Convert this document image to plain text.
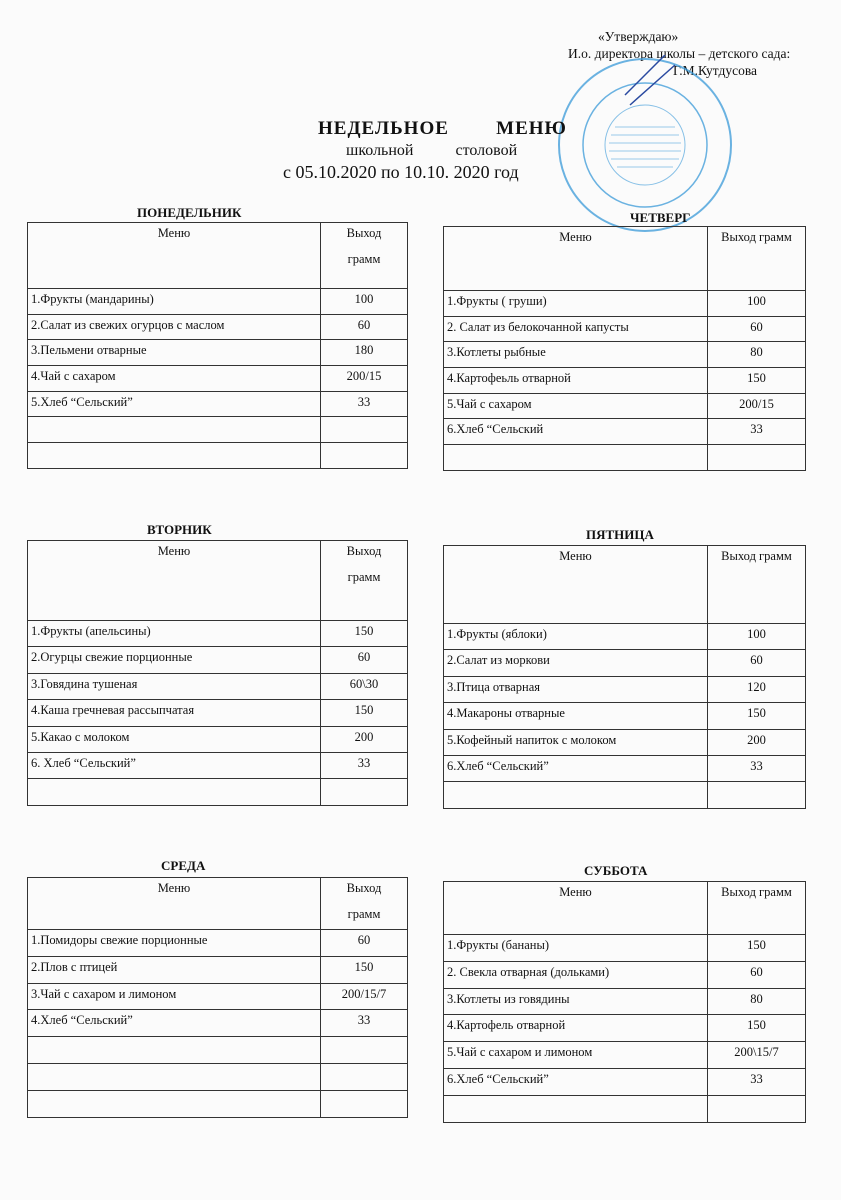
«Утверждаю»
И.о. директора школы – детского сада:
Г.М.Кутдусова
НЕДЕЛЬНОЕ   МЕНЮ
школьной   столовой
с 05.10.2020 по 10.10. 2020 год
ПОНЕДЕЛЬНИК
Меню	Выход
грамм

1.Фрукты (мандарины)	100
2.Салат из свежих огурцов с маслом	60
3.Пельмени отварные	180
4.Чай с сахаром	200/15
5.Хлеб “Сельский”	33

ЧЕТВЕРГ
Меню	Выход грамм
1.Фрукты ( груши)	100
2. Салат из белокочанной капусты	60
3.Котлеты рыбные	80
4.Картофеьль отварной	150
5.Чай с сахаром	200/15
6.Хлеб “Сельский	33

ВТОРНИК
Меню	Выход
грамм

1.Фрукты (апельсины)	150
2.Огурцы свежие порционные	60
3.Говядина тушеная	60\30
4.Каша гречневая рассыпчатая	150
5.Какао с молоком	200
6. Хлеб “Сельский”	33

ПЯТНИЦА
Меню	Выход грамм
1.Фрукты (яблоки)	100
2.Салат из моркови	60
3.Птица отварная	120
4.Макароны отварные	150
5.Кофейный напиток с молоком	200
6.Хлеб “Сельский”	33

СРЕДА
Меню	Выход
грамм

1.Помидоры свежие порционные	60
2.Плов с птицей	150
3.Чай с сахаром и лимоном	200/15/7
4.Хлеб “Сельский”	33

СУББОТА
Меню	Выход грамм
1.Фрукты (бананы)	150
2. Свекла отварная (дольками)	60
3.Котлеты из говядины	80
4.Картофель отварной	150
5.Чай с сахаром и лимоном	200\15/7
6.Хлеб “Сельский”	33
